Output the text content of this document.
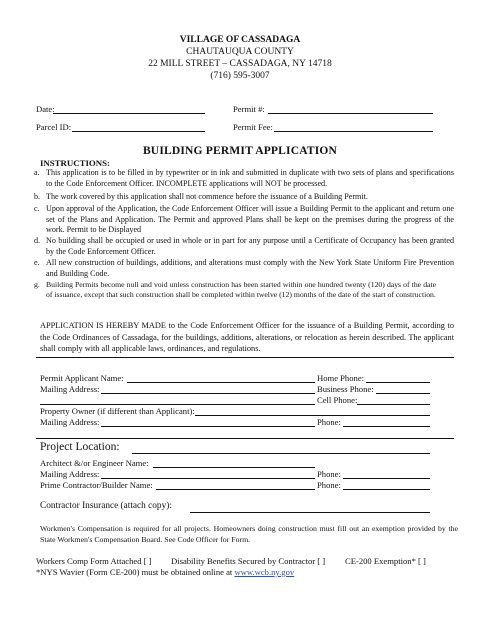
VILLAGE OF CASSADAGA
CHAUTAUQUA COUNTY
22 MILL STREET – CASSADAGA, NY 14718
(716) 595-3007
Date:	Permit #:
Parcel ID:	Permit Fee:
BUILDING PERMIT APPLICATION
INSTRUCTIONS:
a. This application is to be filled in by typewriter or in ink and submitted in duplicate with two sets of plans and specifications to the Code Enforcement Officer. INCOMPLETE applications will NOT be processed.
b. The work covered by this application shall not commence before the issuance of a Building Permit.
c. Upon approval of the Application, the Code Enforcement Officer will issue a Building Permit to the applicant and return one set of the Plans and Application. The Permit and approved Plans shall be kept on the premises during the progress of the work. Permit to be Displayed
d. No building shall be occupied or used in whole or in part for any purpose until a Certificate of Occupancy has been granted by the Code Enforcement Officer.
e. All new construction of buildings, additions, and alterations must comply with the New York State Uniform Fire Prevention and Building Code.
g. Building Permits become null and void unless construction has been started within one hundred twenty (120) days of the date of issuance, except that such construction shall be completed within twelve (12) months of the date of the start of construction.
APPLICATION IS HEREBY MADE to the Code Enforcement Officer for the issuance of a Building Permit, according to the Code Ordinances of Cassadaga, for the buildings, additions, alterations, or relocation as herein described. The applicant shall comply with all applicable laws, ordinances, and regulations.
Permit Applicant Name:	Home Phone:
Mailing Address:	Business Phone:
Cell Phone:
Property Owner (if different than Applicant):
Mailing Address:	Phone:
Project Location:
Architect &/or Engineer Name:
Mailing Address:	Phone:
Prime Contractor/Builder Name:	Phone:
Contractor Insurance (attach copy):
Workmen's Compensation is required for all projects. Homeowners doing construction must fill out an exemption provided by the State Workmen's Compensation Board. See Code Officer for Form.
Workers Comp Form Attached [ ] Disability Benefits Secured by Contractor [ ] CE-200 Exemption* [ ]
*NYS Wavier (Form CE-200) must be obtained online at www.wcb.ny.gov
